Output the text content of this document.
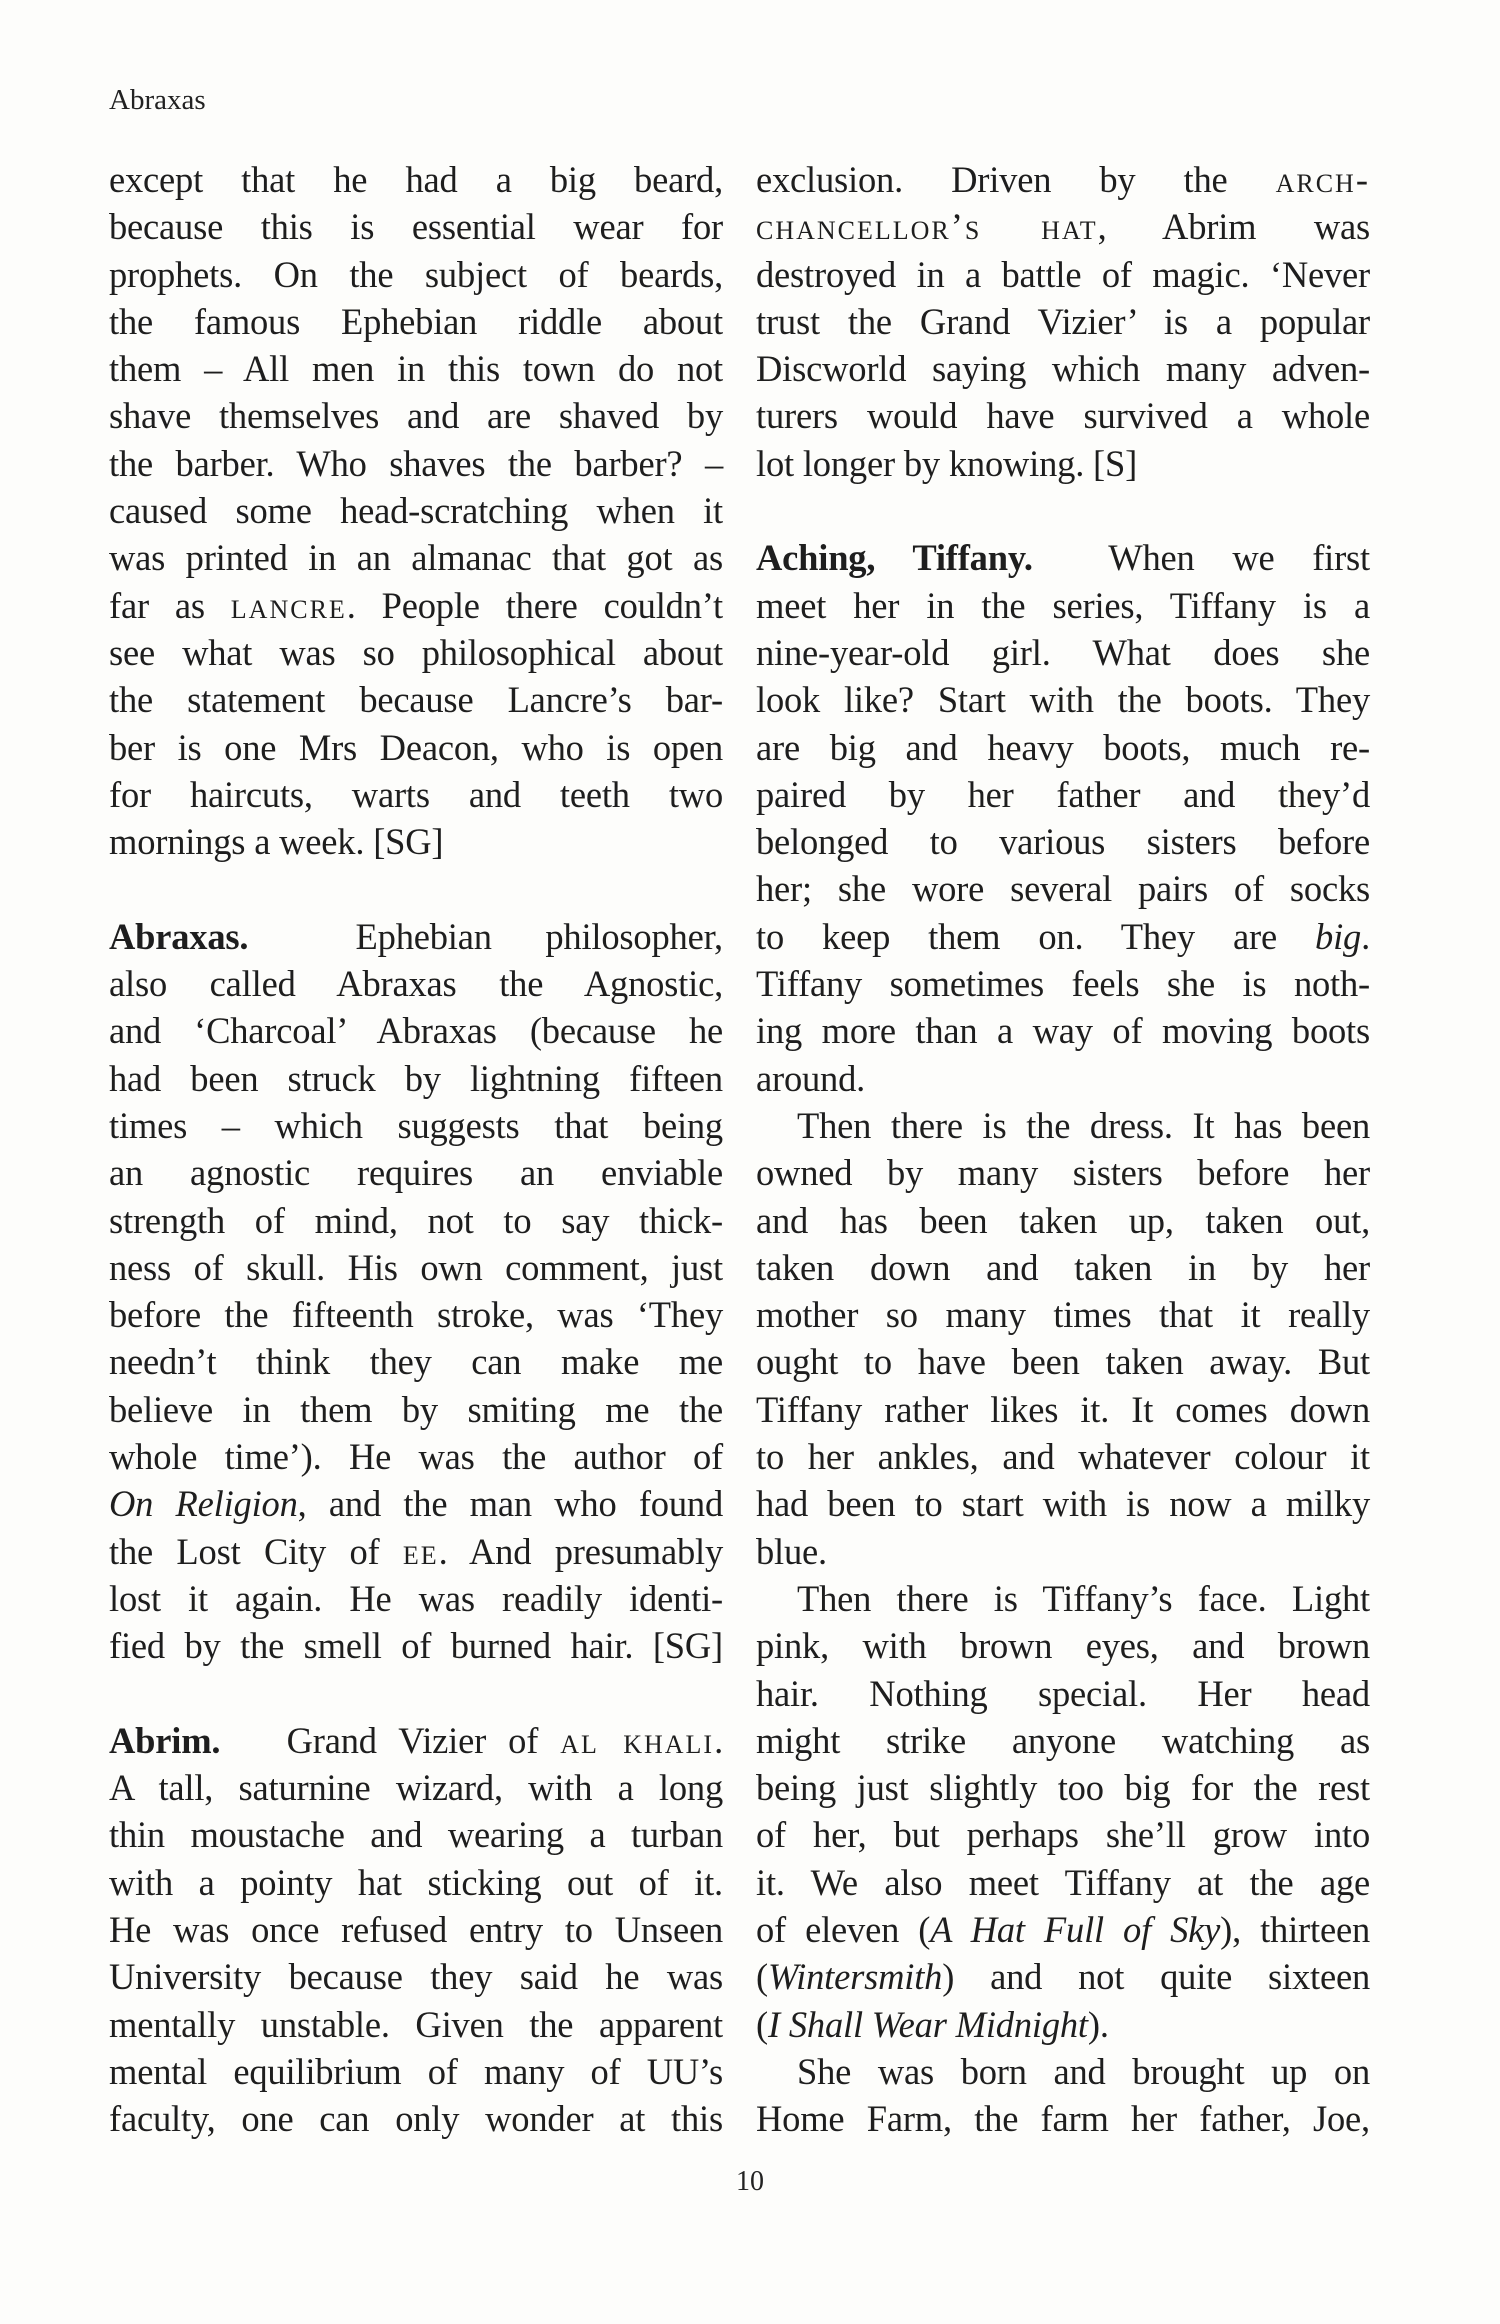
Abraxas
except that he had a big beard,
because this is essential wear for
prophets. On the subject of beards,
the famous Ephebian riddle about
them – All men in this town do not
shave themselves and are shaved by
the barber. Who shaves the barber? –
caused some head-scratching when it
was printed in an almanac that got as
far as lancre. People there couldn’t
see what was so philosophical about
the statement because Lancre’s bar-
ber is one Mrs Deacon, who is open
for haircuts, warts and teeth two
mornings a week. [SG]
Abraxas.	Ephebian philosopher,
also called Abraxas the Agnostic,
and ‘Charcoal’ Abraxas (because he
had been struck by lightning fifteen
times – which suggests that being
an agnostic requires an enviable
strength of mind, not to say thick-
ness of skull. His own comment, just
before the fifteenth stroke, was ‘They
needn’t think they can make me
believe in them by smiting me the
whole time’). He was the author of
On Religion, and the man who found
the Lost City of ee. And presumably
lost it again. He was readily identi-
fied by the smell of burned hair. [SG]
Abrim. Grand Vizier of al khali.
A tall, saturnine wizard, with a long
thin moustache and wearing a turban
with a pointy hat sticking out of it.
He was once refused entry to Unseen
University because they said he was
mentally unstable. Given the apparent
mental equilibrium of many of UU’s
faculty, one can only wonder at this
exclusion. Driven by the arch-
chancellor’s hat, Abrim was
destroyed in a battle of magic. ‘Never
trust the Grand Vizier’ is a popular
Discworld saying which many adven-
turers would have survived a whole
lot longer by knowing. [S]
Aching, Tiffany. When we first
meet her in the series, Tiffany is a
nine-year-old girl. What does she
look like? Start with the boots. They
are big and heavy boots, much re-
paired by her father and they’d
belonged to various sisters before
her; she wore several pairs of socks
to keep them on. They are big.
Tiffany sometimes feels she is noth-
ing more than a way of moving boots
around.
Then there is the dress. It has been
owned by many sisters before her
and has been taken up, taken out,
taken down and taken in by her
mother so many times that it really
ought to have been taken away. But
Tiffany rather likes it. It comes down
to her ankles, and whatever colour it
had been to start with is now a milky
blue.
Then there is Tiffany’s face. Light
pink, with brown eyes, and brown
hair. Nothing special. Her head
might strike anyone watching as
being just slightly too big for the rest
of her, but perhaps she’ll grow into
it. We also meet Tiffany at the age
of eleven (A Hat Full of Sky), thirteen
(Wintersmith) and not quite sixteen
(I Shall Wear Midnight).
She was born and brought up on
Home Farm, the farm her father, Joe,
10
